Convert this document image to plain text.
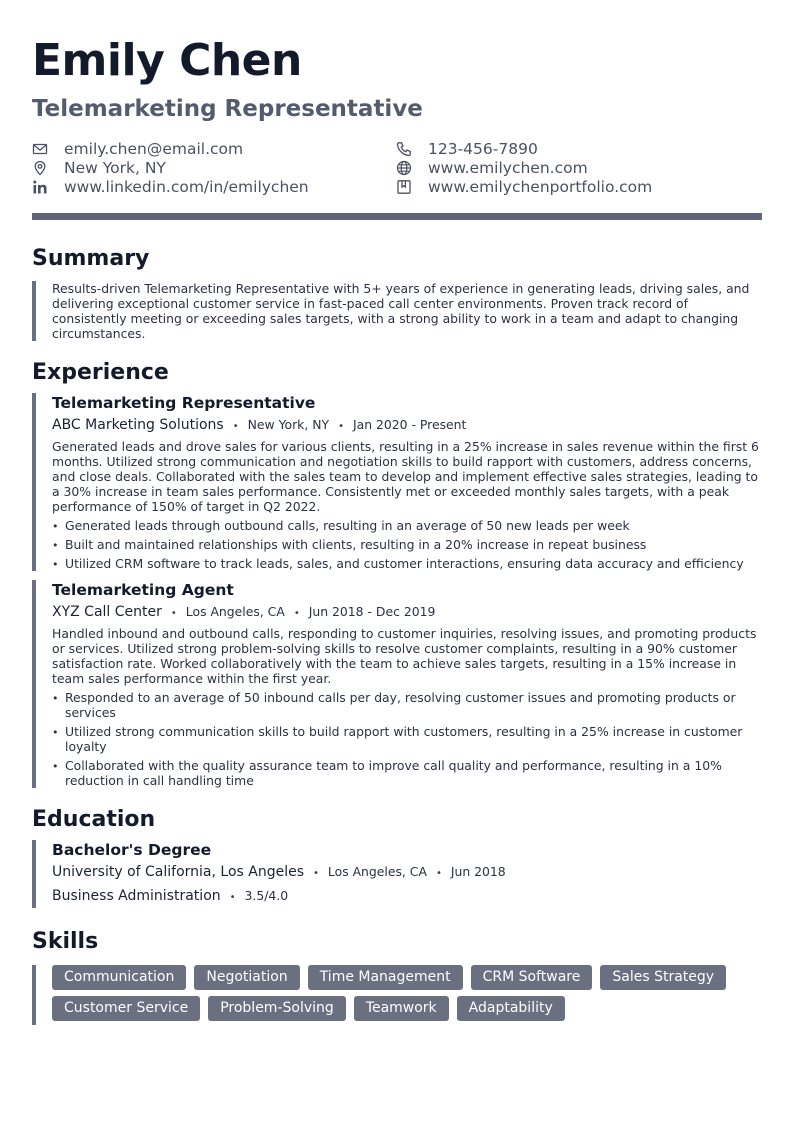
Emily Chen
Telemarketing Representative
emily.chen@email.com
New York, NY
www.linkedin.com/in/emilychen
123-456-7890
www.emilychen.com
www.emilychenportfolio.com
Summary

Results-driven Telemarketing Representative with 5+ years of experience in generating leads, driving sales, and delivering exceptional customer service in fast-paced call center environments. Proven track record of consistently meeting or exceeding sales targets, with a strong ability to work in a team and adapt to changing circumstances.

Experience
Telemarketing Representative
ABC Marketing Solutions • New York, NY • Jan 2020 - Present

Generated leads and drove sales for various clients, resulting in a 25% increase in sales revenue within the first 6 months. Utilized strong communication and negotiation skills to build rapport with customers, address concerns, and close deals. Collaborated with the sales team to develop and implement effective sales strategies, leading to a 30% increase in team sales performance. Consistently met or exceeded monthly sales targets, with a peak performance of 150% of target in Q2 2022.

• Generated leads through outbound calls, resulting in an average of 50 new leads per week
• Built and maintained relationships with clients, resulting in a 20% increase in repeat business
• Utilized CRM software to track leads, sales, and customer interactions, ensuring data accuracy and efficiency
Telemarketing Agent
XYZ Call Center • Los Angeles, CA • Jun 2018 - Dec 2019

Handled inbound and outbound calls, responding to customer inquiries, resolving issues, and promoting products or services. Utilized strong problem-solving skills to resolve customer complaints, resulting in a 90% customer satisfaction rate. Worked collaboratively with the team to achieve sales targets, resulting in a 15% increase in team sales performance within the first year.

• Responded to an average of 50 inbound calls per day, resolving customer issues and promoting products or services
• Utilized strong communication skills to build rapport with customers, resulting in a 25% increase in customer loyalty
• Collaborated with the quality assurance team to improve call quality and performance, resulting in a 10% reduction in call handling time
Education
Bachelor's Degree
University of California, Los Angeles • Los Angeles, CA • Jun 2018
Business Administration • 3.5/4.0
Skills
Communication	Negotiation	Time Management	CRM Software	Sales Strategy
Customer Service	Problem-Solving	Teamwork	Adaptability
